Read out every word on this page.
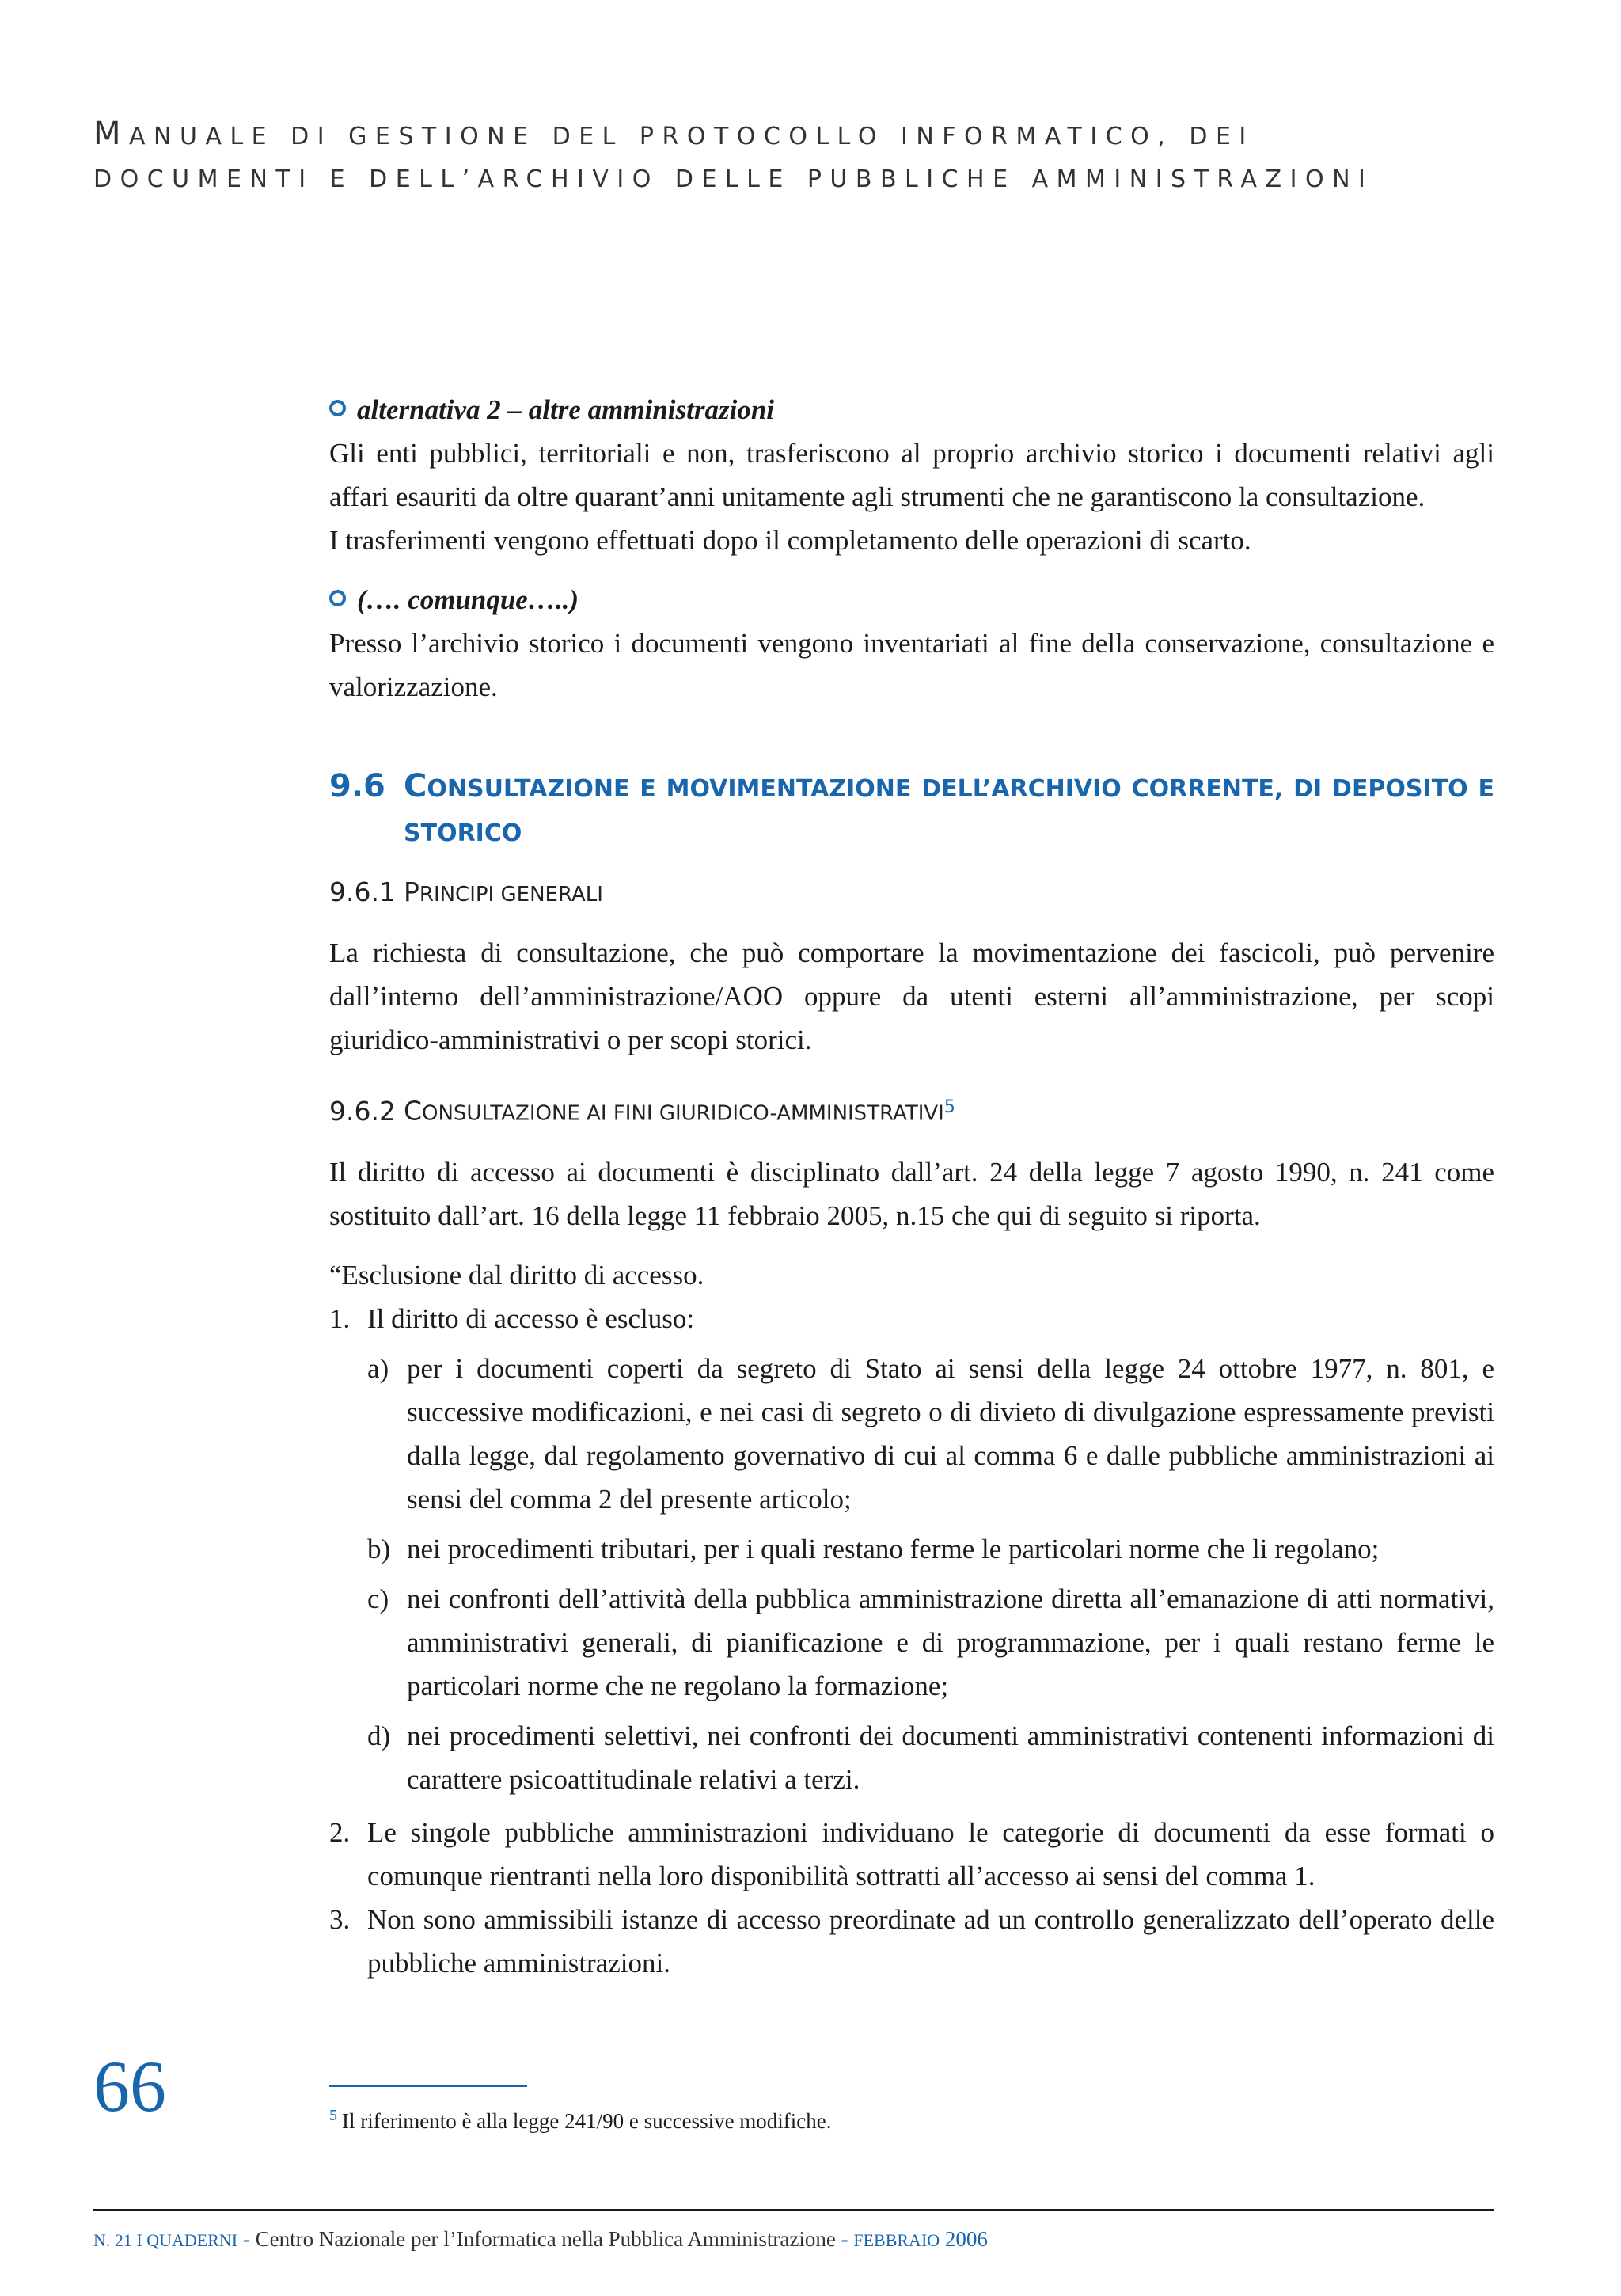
MANUALE DI GESTIONE DEL PROTOCOLLO INFORMATICO, DEI
DOCUMENTI E DELL’ARCHIVIO DELLE PUBBLICHE AMMINISTRAZIONI
alternativa 2 – altre amministrazioni

Gli enti pubblici, territoriali e non, trasferiscono al proprio archivio storico i documenti relativi agli affari esauriti da oltre quarant’anni unitamente agli strumenti che ne garantiscono la consultazione.

I trasferimenti vengono effettuati dopo il completamento delle operazioni di scarto.

(…. comunque…..)

Presso l’archivio storico i documenti vengono inventariati al fine della conservazione, consultazione e valorizzazione.

9.6 CONSULTAZIONE E MOVIMENTAZIONE DELL’ARCHIVIO CORRENTE, DI DEPOSITO E STORICO
9.6.1 PRINCIPI GENERALI

La richiesta di consultazione, che può comportare la movimentazione dei fascicoli, può pervenire dall’interno dell’amministrazione/AOO oppure da utenti esterni all’amministrazione, per scopi giuridico-amministrativi o per scopi storici.

9.6.2 CONSULTAZIONE AI FINI GIURIDICO-AMMINISTRATIVI$^5$

Il diritto di accesso ai documenti è disciplinato dall’art. 24 della legge 7 agosto 1990, n. 241 come sostituito dall’art. 16 della legge 11 febbraio 2005, n.15 che qui di seguito si riporta.

“Esclusione dal diritto di accesso.

1. Il diritto di accesso è escluso:
a) per i documenti coperti da segreto di Stato ai sensi della legge 24 ottobre 1977, n. 801, e successive modificazioni, e nei casi di segreto o di divieto di divulgazione espressamente previsti dalla legge, dal regolamento governativo di cui al comma 6 e dalle pubbliche amministrazioni ai sensi del comma 2 del presente articolo;
b) nei procedimenti tributari, per i quali restano ferme le particolari norme che li regolano;
c) nei confronti dell’attività della pubblica amministrazione diretta all’emanazione di atti normativi, amministrativi generali, di pianificazione e di programmazione, per i quali restano ferme le particolari norme che ne regolano la formazione;
d) nei procedimenti selettivi, nei confronti dei documenti amministrativi contenenti informazioni di carattere psicoattitudinale relativi a terzi.
2. Le singole pubbliche amministrazioni individuano le categorie di documenti da esse formati o comunque rientranti nella loro disponibilità sottratti all’accesso ai sensi del comma 1.
3. Non sono ammissibili istanze di accesso preordinate ad un controllo generalizzato dell’operato delle pubbliche amministrazioni.
66	$^5$ Il riferimento è alla legge 241/90 e successive modifiche.
N. 21 I QUADERNI - Centro Nazionale per l’Informatica nella Pubblica Amministrazione - FEBBRAIO 2006
